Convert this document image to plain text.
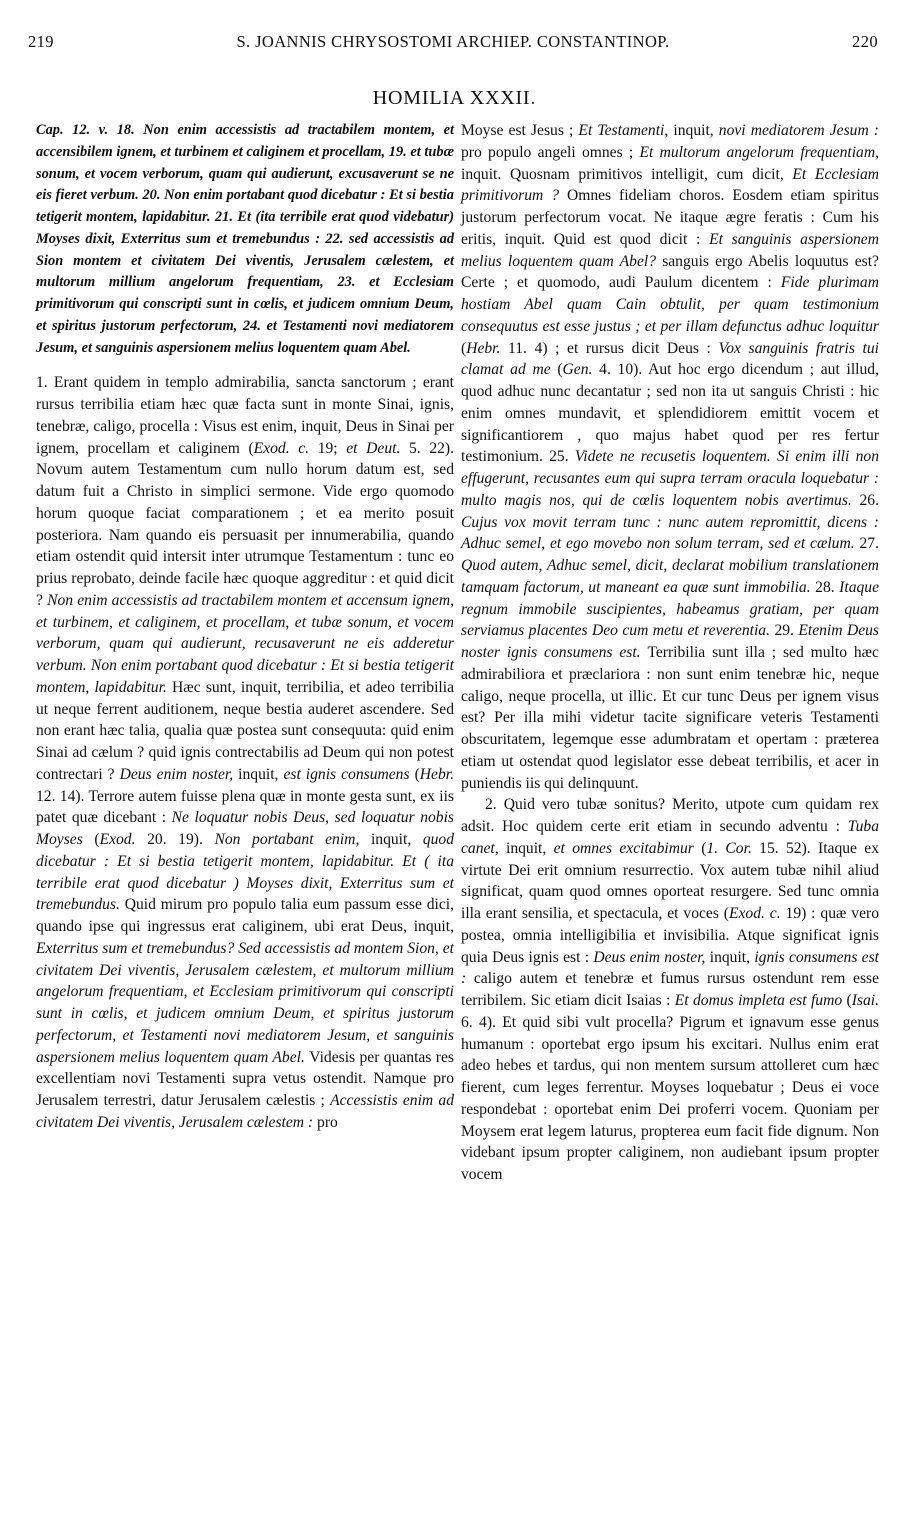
219	S. JOANNIS CHRYSOSTOMI ARCHIEP. CONSTANTINOP.	220
HOMILIA XXXII.

Cap. 12. v. 18. Non enim accessistis ad tractabilem montem, et accensibilem ignem, et turbinem et caliginem et procellam, 19. et tubæ sonum, et vocem verborum, quam qui audierunt, excusaverunt se ne eis fieret verbum. 20. Non enim portabant quod dicebatur : Et si bestia tetigerit montem, lapidabitur. 21. Et (ita terribile erat quod videbatur) Moyses dixit, Exterritus sum et tremebundus : 22. sed accessistis ad Sion montem et civitatem Dei viventis, Jerusalem cælestem, et multorum millium angelorum frequentiam, 23. et Ecclesiam primitivorum qui conscripti sunt in cœlis, et judicem omnium Deum, et spiritus justorum perfectorum, 24. et Testamenti novi mediatorem Jesum, et sanguinis aspersionem melius loquentem quam Abel.

1. Erant quidem in templo admirabilia, sancta sanctorum ; erant rursus terribilia etiam hæc quæ facta sunt in monte Sinai, ignis, tenebræ, caligo, procella : Visus est enim, inquit, Deus in Sinai per ignem, procellam et caliginem (Exod. c. 19; et Deut. 5. 22). Novum autem Testamentum cum nullo horum datum est, sed datum fuit a Christo in simplici sermone. Vide ergo quomodo horum quoque faciat comparationem ; et ea merito posuit posteriora. Nam quando eis persuasit per innumerabilia, quando etiam ostendit quid intersit inter utrumque Testamentum : tunc eo prius reprobato, deinde facile hæc quoque aggreditur : et quid dicit ? Non enim accessistis ad tractabilem montem et accensum ignem, et turbinem, et caliginem, et procellam, et tubæ sonum, et vocem verborum, quam qui audierunt, recusaverunt ne eis adderetur verbum. Non enim portabant quod dicebatur : Et si bestia tetigerit montem, lapidabitur. Hæc sunt, inquit, terribilia, et adeo terribilia ut neque ferrent auditionem, neque bestia auderet ascendere. Sed non erant hæc talia, qualia quæ postea sunt consequuta: quid enim Sinai ad cælum ? quid ignis contrectabilis ad Deum qui non potest contrectari ? Deus enim noster, inquit, est ignis consumens (Hebr. 12. 14). Terrore autem fuisse plena quæ in monte gesta sunt, ex iis patet quæ dicebant : Ne loquatur nobis Deus, sed loquatur nobis Moyses (Exod. 20. 19). Non portabant enim, inquit, quod dicebatur : Et si bestia tetigerit montem, lapidabitur. Et ( ita terribile erat quod dicebatur ) Moyses dixit, Exterritus sum et tremebundus. Quid mirum pro populo talia eum passum esse dici, quando ipse qui ingressus erat caliginem, ubi erat Deus, inquit, Exterritus sum et tremebundus? Sed accessistis ad montem Sion, et civitatem Dei viventis, Jerusalem cælestem, et multorum millium angelorum frequentiam, et Ecclesiam primitivorum qui conscripti sunt in cœlis, et judicem omnium Deum, et spiritus justorum perfectorum, et Testamenti novi mediatorem Jesum, et sanguinis aspersionem melius loquentem quam Abel. Videsis per quantas res excellentiam novi Testamenti supra vetus ostendit. Namque pro Jerusalem terrestri, datur Jerusalem cælestis ; Accessistis enim ad civitatem Dei viventis, Jerusalem cælestem : pro

Moyse est Jesus ; Et Testamenti, inquit, novi mediatorem Jesum : pro populo angeli omnes ; Et multorum angelorum frequentiam, inquit. Quosnam primitivos intelligit, cum dicit, Et Ecclesiam primitivorum ? Omnes fideliam choros. Eosdem etiam spiritus justorum perfectorum vocat. Ne itaque ægre feratis : Cum his eritis, inquit. Quid est quod dicit : Et sanguinis aspersionem melius loquentem quam Abel? sanguis ergo Abelis loquutus est? Certe ; et quomodo, audi Paulum dicentem : Fide plurimam hostiam Abel quam Cain obtulit, per quam testimonium consequutus est esse justus ; et per illam defunctus adhuc loquitur (Hebr. 11. 4) ; et rursus dicit Deus : Vox sanguinis fratris tui clamat ad me (Gen. 4. 10). Aut hoc ergo dicendum ; aut illud, quod adhuc nunc decantatur ; sed non ita ut sanguis Christi : hic enim omnes mundavit, et splendidiorem emittit vocem et significantiorem , quo majus habet quod per res fertur testimonium. 25. Videte ne recusetis loquentem. Si enim illi non effugerunt, recusantes eum qui supra terram oracula loquebatur : multo magis nos, qui de cœlis loquentem nobis avertimus. 26. Cujus vox movit terram tunc : nunc autem repromittit, dicens : Adhuc semel, et ego movebo non solum terram, sed et cælum. 27. Quod autem, Adhuc semel, dicit, declarat mobilium translationem tamquam factorum, ut maneant ea quæ sunt immobilia. 28. Itaque regnum immobile suscipientes, habeamus gratiam, per quam serviamus placentes Deo cum metu et reverentia. 29. Etenim Deus noster ignis consumens est. Terribilia sunt illa ; sed multo hæc admirabiliora et præclariora : non sunt enim tenebræ hic, neque caligo, neque procella, ut illic. Et cur tunc Deus per ignem visus est? Per illa mihi videtur tacite significare veteris Testamenti obscuritatem, legemque esse adumbratam et opertam : præterea etiam ut ostendat quod legislator esse debeat terribilis, et acer in puniendis iis qui delinquunt.

2. Quid vero tubæ sonitus? Merito, utpote cum quidam rex adsit. Hoc quidem certe erit etiam in secundo adventu : Tuba canet, inquit, et omnes excitabimur (1. Cor. 15. 52). Itaque ex virtute Dei erit omnium resurrectio. Vox autem tubæ nihil aliud significat, quam quod omnes oporteat resurgere. Sed tunc omnia illa erant sensilia, et spectacula, et voces (Exod. c. 19) : quæ vero postea, omnia intelligibilia et invisibilia. Atque significat ignis quia Deus ignis est : Deus enim noster, inquit, ignis consumens est : caligo autem et tenebræ et fumus rursus ostendunt rem esse terribilem. Sic etiam dicit Isaias : Et domus impleta est fumo (Isai. 6. 4). Et quid sibi vult procella? Pigrum et ignavum esse genus humanum : oportebat ergo ipsum his excitari. Nullus enim erat adeo hebes et tardus, qui non mentem sursum attolleret cum hæc fierent, cum leges ferrentur. Moyses loquebatur ; Deus ei voce respondebat : oportebat enim Dei proferri vocem. Quoniam per Moysem erat legem laturus, propterea eum facit fide dignum. Non videbant ipsum propter caliginem, non audiebant ipsum propter vocem
